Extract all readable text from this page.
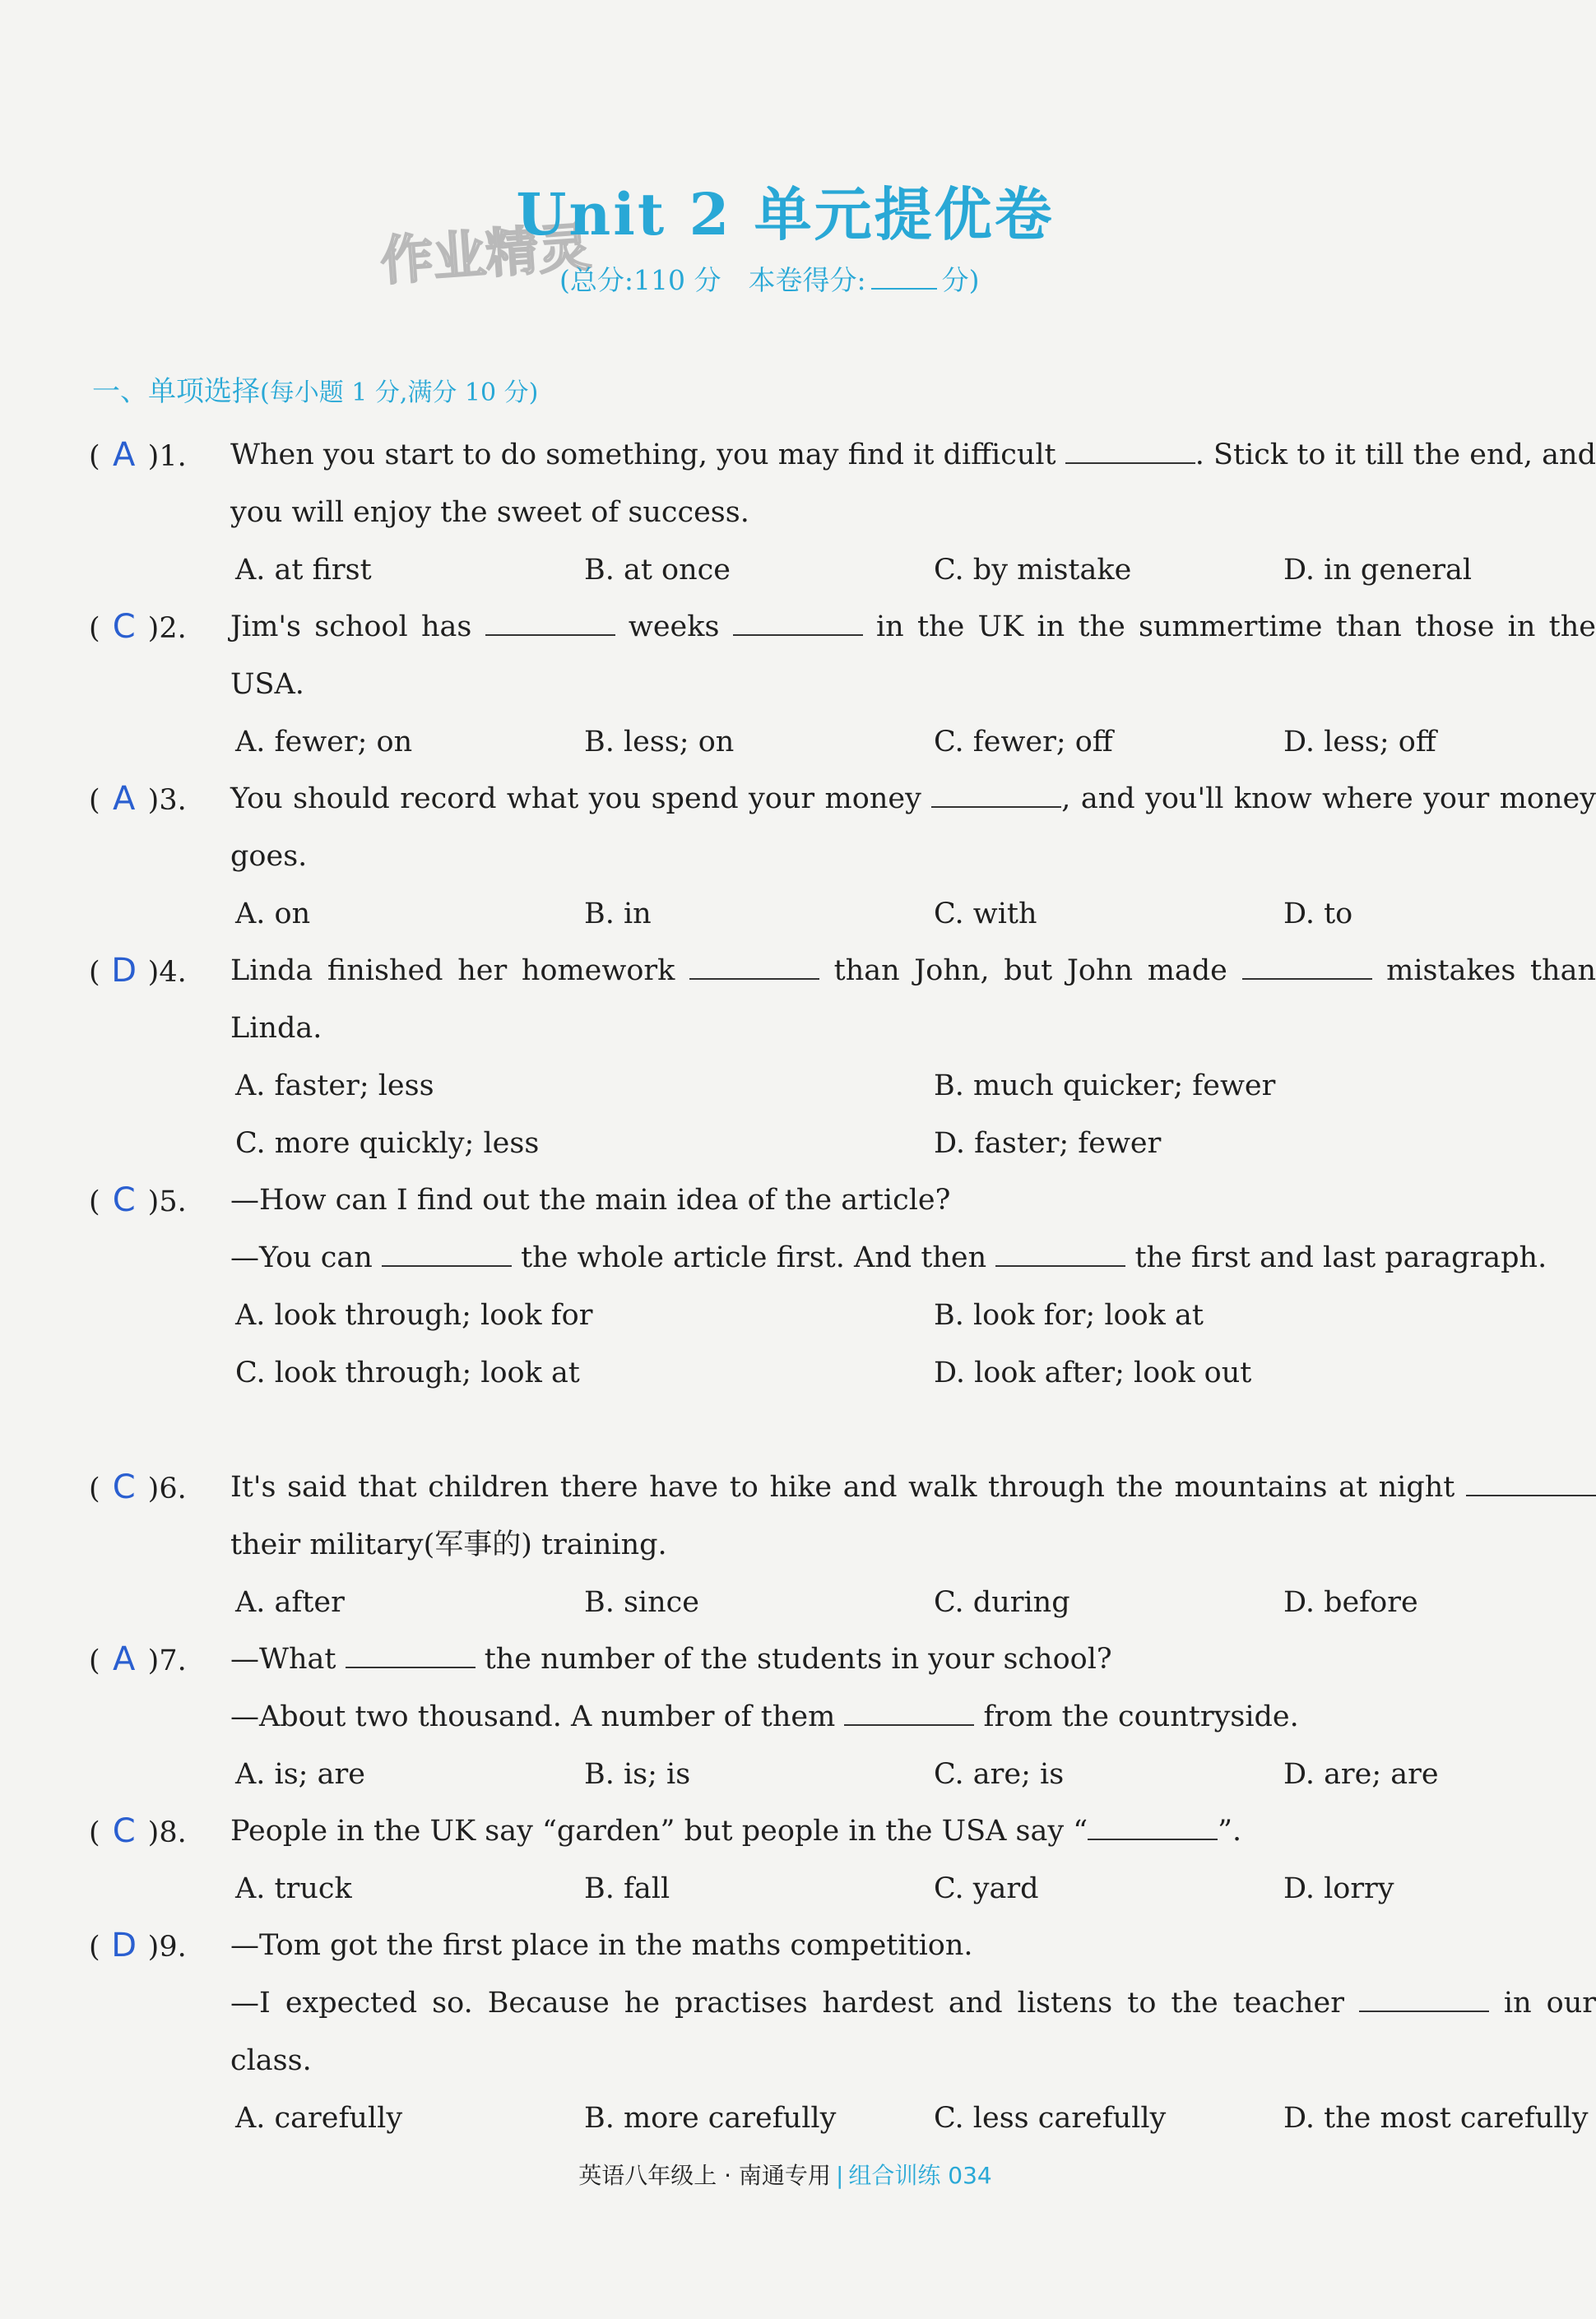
作业精灵
Unit 2 单元提优卷
(总分:110 分　本卷得分:	分)
一、单项选择(每小题 1 分,满分 10 分)
( A )1. When you start to do something, you may find it difficult	. Stick to it till the end, and you will enjoy the sweet of success.
A. at first	B. at once	C. by mistake	D. in general
( C )2. Jim's school has	weeks	in the UK in the summertime than those in the USA.
A. fewer; on	B. less; on	C. fewer; off	D. less; off
( A )3. You should record what you spend your money	, and you'll know where your money goes.
A. on	B. in	C. with	D. to
( D )4. Linda finished her homework	than John, but John made	mistakes than Linda.
A. faster; less	B. much quicker; fewer
C. more quickly; less	D. faster; fewer
( C )5. —How can I find out the main idea of the article?
—You can	the whole article first. And then	the first and last paragraph.
A. look through; look for	B. look for; look at
C. look through; look at	D. look after; look out
( C )6. It's said that children there have to hike and walk through the mountains at night  their military(军事的) training.
A. after	B. since	C. during	D. before
( A )7. —What	the number of the students in your school?
—About two thousand. A number of them	from the countryside.
A. is; are	B. is; is	C. are; is	D. are; are
( C )8. People in the UK say “garden” but people in the USA say “	”.
A. truck	B. fall	C. yard	D. lorry
( D )9. —Tom got the first place in the maths competition.
—I expected so. Because he practises hardest and listens to the teacher	in our class.
A. carefully	B. more carefully	C. less carefully	D. the most carefully
英语八年级上 · 南通专用 | 组合训练 034
